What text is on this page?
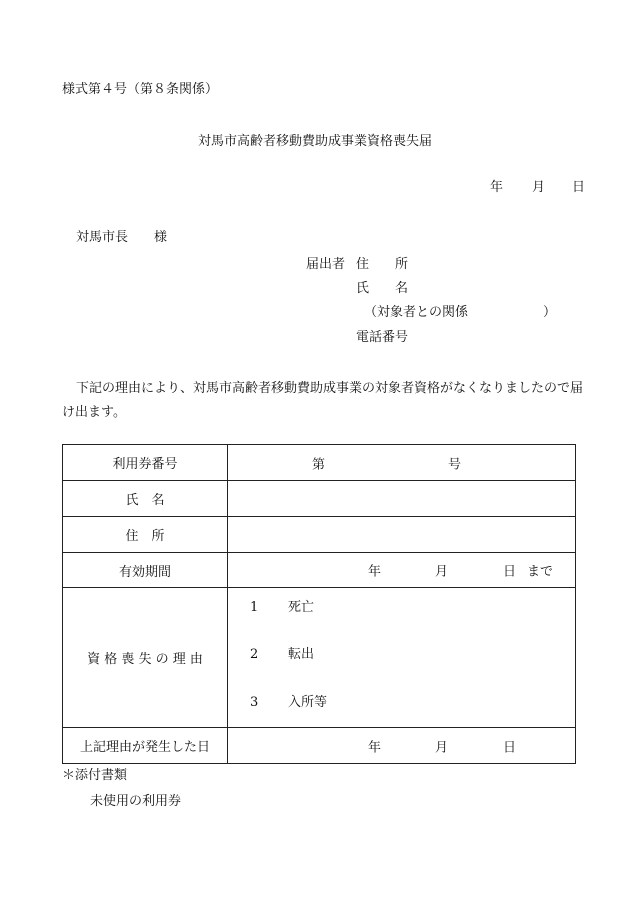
様式第４号（第８条関係）
対馬市高齢者移動費助成事業資格喪失届
年 月 日
対馬市長　　様
届出者 住　　所
氏　　名
（対象者との関係	）
電話番号
下記の理由により、対馬市高齢者移動費助成事業の対象者資格がなくなりましたので届け出ます。
利用券番号	第 号

氏　名	
住　所	
有効期間	年 月 日 まで

資 格 喪 失 の 理 由	1 死亡
2 転出
3 入所等

上記理由が発生した日	年 月 日
＊添付書類
未使用の利用券
